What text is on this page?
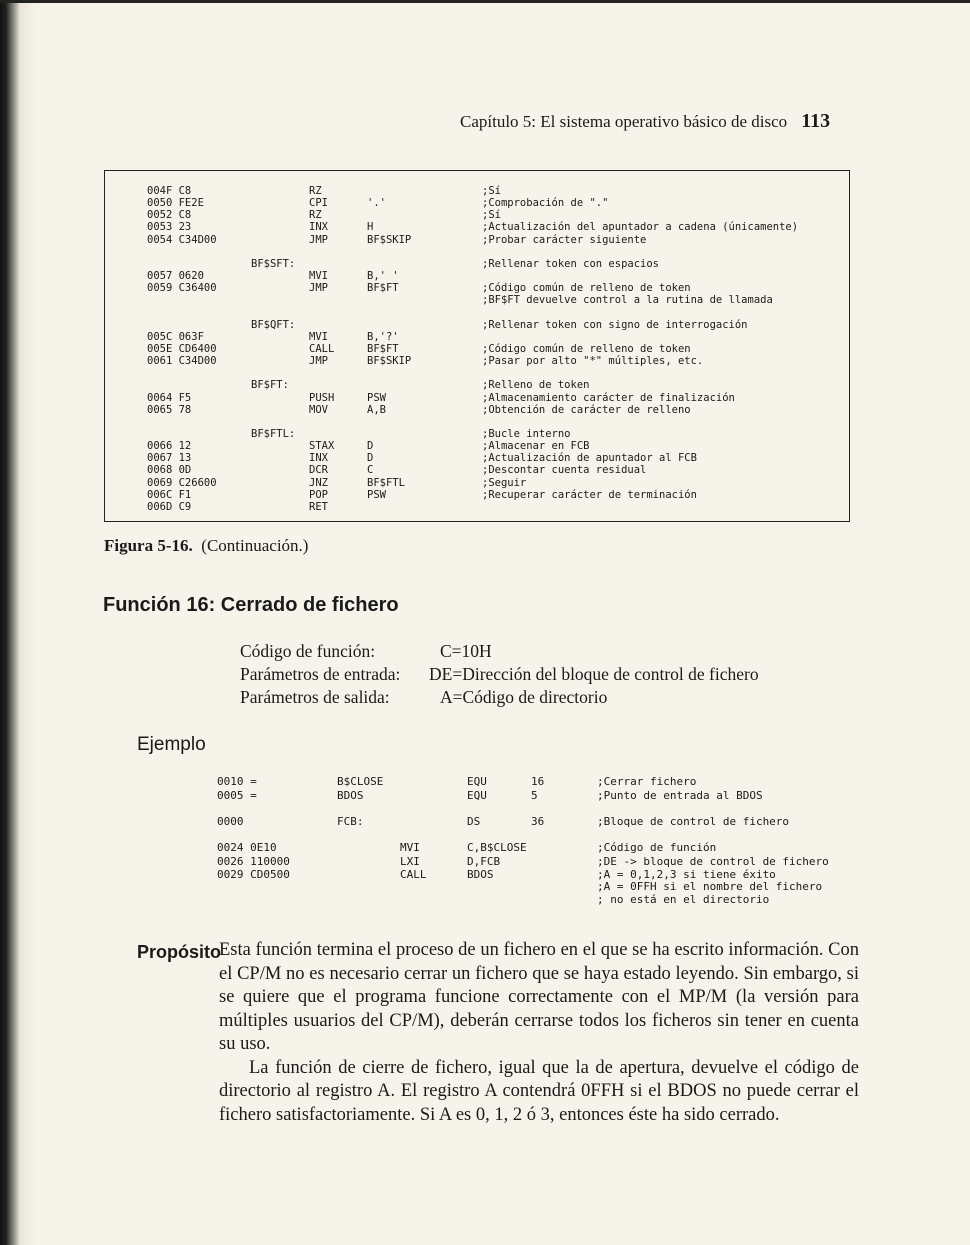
Capítulo 5: El sistema operativo básico de disco 113
004F C8	RZ	;Sí
0050 FE2E	CPI	'.'	;Comprobación de "."
0052 C8	RZ	;Sí
0053 23	INX	H	;Actualización del apuntador a cadena (únicamente)
0054 C34D00	JMP	BF$SKIP	;Probar carácter siguiente
BF$SFT:	;Rellenar token con espacios
0057 0620	MVI	B,' '
0059 C36400	JMP	BF$FT	;Código común de relleno de token
;BF$FT devuelve control a la rutina de llamada
BF$QFT:	;Rellenar token con signo de interrogación
005C 063F	MVI	B,'?'
005E CD6400	CALL	BF$FT	;Código común de relleno de token
0061 C34D00	JMP	BF$SKIP	;Pasar por alto "*" múltiples, etc.
BF$FT:	;Relleno de token
0064 F5	PUSH	PSW	;Almacenamiento carácter de finalización
0065 78	MOV	A,B	;Obtención de carácter de relleno
BF$FTL:	;Bucle interno
0066 12	STAX	D	;Almacenar en FCB
0067 13	INX	D	;Actualización de apuntador al FCB
0068 0D	DCR	C	;Descontar cuenta residual
0069 C26600	JNZ	BF$FTL	;Seguir
006C F1	POP	PSW	;Recuperar carácter de terminación
006D C9	RET
Figura 5-16. (Continuación.)
Función 16: Cerrado de fichero
Código de función:	C=10H
Parámetros de entrada: DE=Dirección del bloque de control de fichero
Parámetros de salida:	A=Código de directorio
Ejemplo
0010 =	B$CLOSE	EQU	16	;Cerrar fichero
0005 =	BDOS	EQU	5	;Punto de entrada al BDOS
0000	FCB:	DS	36	;Bloque de control de fichero
0024 0E10	MVI	C,B$CLOSE	;Código de función
0026 110000	LXI	D,FCB	;DE -> bloque de control de fichero
0029 CD0500	CALL	BDOS	;A = 0,1,2,3 si tiene éxito
;A = 0FFH si el nombre del fichero
; no está en el directorio
Propósito

Esta función termina el proceso de un fichero en el que se ha escrito información. Con el CP/M no es necesario cerrar un fichero que se haya estado leyendo. Sin embargo, si se quiere que el programa funcione correctamente con el MP/M (la versión para múltiples usuarios del CP/M), deberán cerrarse todos los ficheros sin tener en cuenta su uso.

La función de cierre de fichero, igual que la de apertura, devuelve el código de directorio al registro A. El registro A contendrá 0FFH si el BDOS no puede cerrar el fichero satisfactoriamente. Si A es 0, 1, 2 ó 3, entonces éste ha sido cerrado.
